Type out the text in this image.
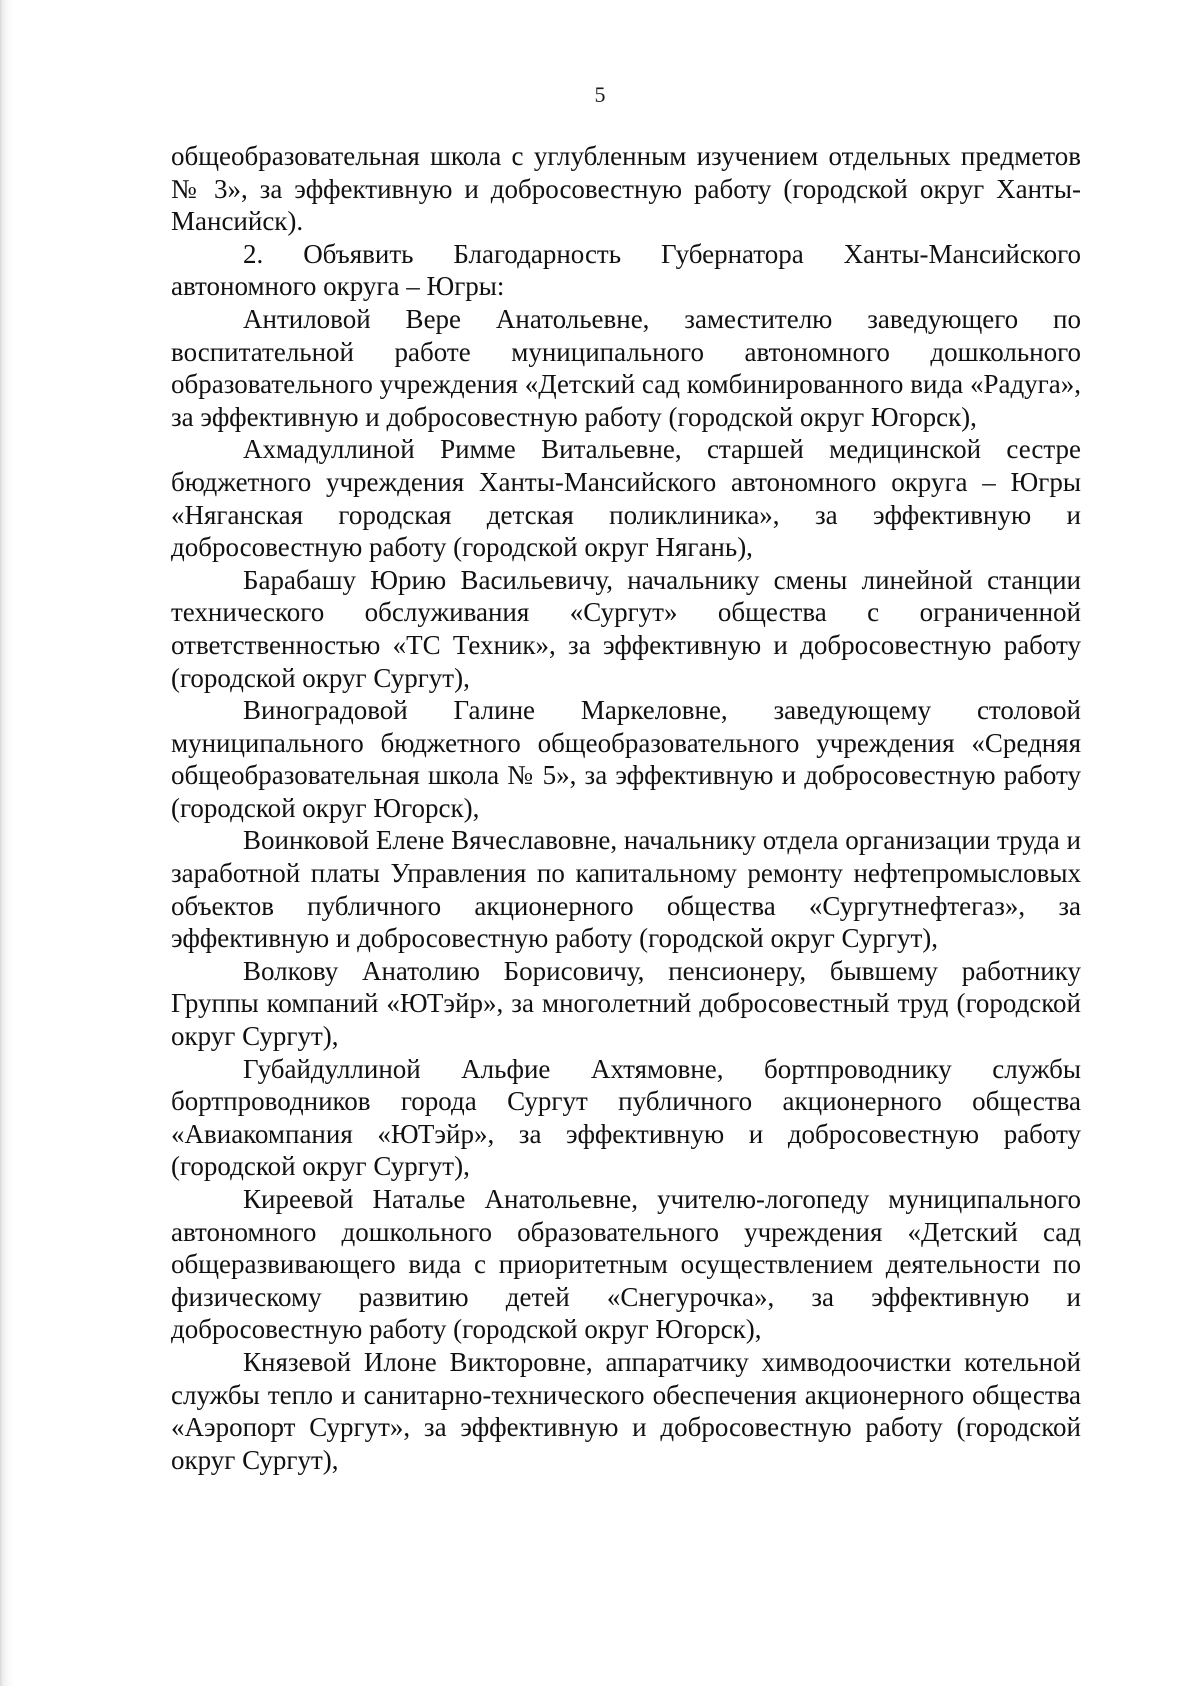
5

общеобразовательная школа с углубленным изучением отдельных предметов № 3», за эффективную и добросовестную работу (городской округ Ханты-Мансийск).

2. Объявить Благодарность Губернатора Ханты-Мансийского автономного округа – Югры:

Антиловой Вере Анатольевне, заместителю заведующего по воспитательной работе муниципального автономного дошкольного образовательного учреждения «Детский сад комбинированного вида «Радуга», за эффективную и добросовестную работу (городской округ Югорск),

Ахмадуллиной Римме Витальевне, старшей медицинской сестре бюджетного учреждения Ханты-Мансийского автономного округа – Югры «Няганская городская детская поликлиника», за эффективную и добросовестную работу (городской округ Нягань),

Барабашу Юрию Васильевичу, начальнику смены линейной станции технического обслуживания «Сургут» общества с ограниченной ответственностью «ТС Техник», за эффективную и добросовестную работу (городской округ Сургут),

Виноградовой Галине Маркеловне, заведующему столовой муниципального бюджетного общеобразовательного учреждения «Средняя общеобразовательная школа № 5», за эффективную и добросовестную работу (городской округ Югорск),

Воинковой Елене Вячеславовне, начальнику отдела организации труда и заработной платы Управления по капитальному ремонту нефтепромысловых объектов публичного акционерного общества «Сургутнефтегаз», за эффективную и добросовестную работу (городской округ Сургут),

Волкову Анатолию Борисовичу, пенсионеру, бывшему работнику Группы компаний «ЮТэйр», за многолетний добросовестный труд (городской округ Сургут),

Губайдуллиной Альфие Ахтямовне, бортпроводнику службы бортпроводников города Сургут публичного акционерного общества «Авиакомпания «ЮТэйр», за эффективную и добросовестную работу (городской округ Сургут),

Киреевой Наталье Анатольевне, учителю-логопеду муниципального автономного дошкольного образовательного учреждения «Детский сад общеразвивающего вида с приоритетным осуществлением деятельности по физическому развитию детей «Снегурочка», за эффективную и добросовестную работу (городской округ Югорск),

Князевой Илоне Викторовне, аппаратчику химводоочистки котельной службы тепло и санитарно-технического обеспечения акционерного общества «Аэропорт Сургут», за эффективную и добросовестную работу (городской округ Сургут),
